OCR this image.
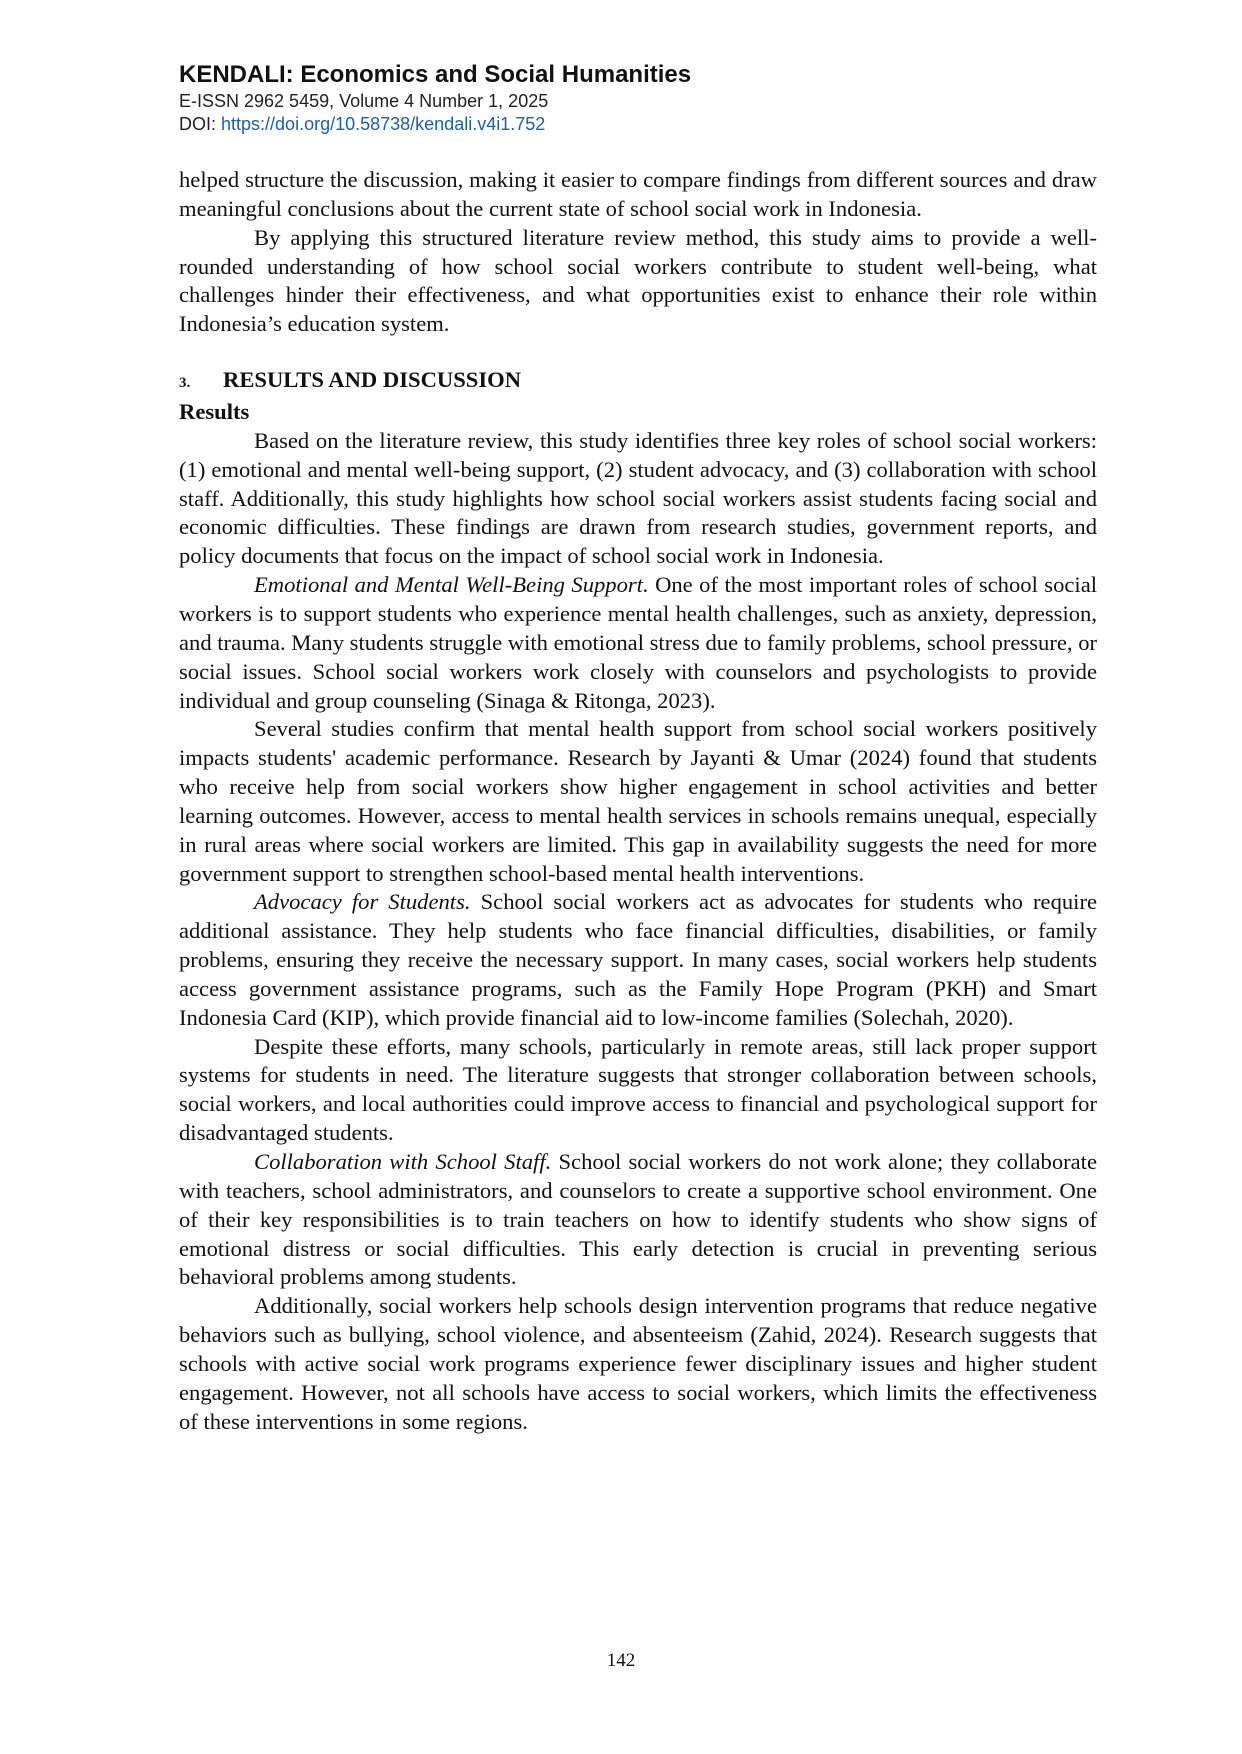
KENDALI: Economics and Social Humanities
E-ISSN 2962 5459, Volume 4 Number 1, 2025
DOI: https://doi.org/10.58738/kendali.v4i1.752

helped structure the discussion, making it easier to compare findings from different sources and draw meaningful conclusions about the current state of school social work in Indonesia.

By applying this structured literature review method, this study aims to provide a well-rounded understanding of how school social workers contribute to student well-being, what challenges hinder their effectiveness, and what opportunities exist to enhance their role within Indonesia’s education system.

3. RESULTS AND DISCUSSION
Results

Based on the literature review, this study identifies three key roles of school social workers: (1) emotional and mental well-being support, (2) student advocacy, and (3) collaboration with school staff. Additionally, this study highlights how school social workers assist students facing social and economic difficulties. These findings are drawn from research studies, government reports, and policy documents that focus on the impact of school social work in Indonesia.

Emotional and Mental Well-Being Support. One of the most important roles of school social workers is to support students who experience mental health challenges, such as anxiety, depression, and trauma. Many students struggle with emotional stress due to family problems, school pressure, or social issues. School social workers work closely with counselors and psychologists to provide individual and group counseling (Sinaga & Ritonga, 2023).

Several studies confirm that mental health support from school social workers positively impacts students' academic performance. Research by Jayanti & Umar (2024) found that students who receive help from social workers show higher engagement in school activities and better learning outcomes. However, access to mental health services in schools remains unequal, especially in rural areas where social workers are limited. This gap in availability suggests the need for more government support to strengthen school-based mental health interventions.

Advocacy for Students. School social workers act as advocates for students who require additional assistance. They help students who face financial difficulties, disabilities, or family problems, ensuring they receive the necessary support. In many cases, social workers help students access government assistance programs, such as the Family Hope Program (PKH) and Smart Indonesia Card (KIP), which provide financial aid to low-income families (Solechah, 2020).

Despite these efforts, many schools, particularly in remote areas, still lack proper support systems for students in need. The literature suggests that stronger collaboration between schools, social workers, and local authorities could improve access to financial and psychological support for disadvantaged students.

Collaboration with School Staff. School social workers do not work alone; they collaborate with teachers, school administrators, and counselors to create a supportive school environment. One of their key responsibilities is to train teachers on how to identify students who show signs of emotional distress or social difficulties. This early detection is crucial in preventing serious behavioral problems among students.

Additionally, social workers help schools design intervention programs that reduce negative behaviors such as bullying, school violence, and absenteeism (Zahid, 2024). Research suggests that schools with active social work programs experience fewer disciplinary issues and higher student engagement. However, not all schools have access to social workers, which limits the effectiveness of these interventions in some regions.

142
